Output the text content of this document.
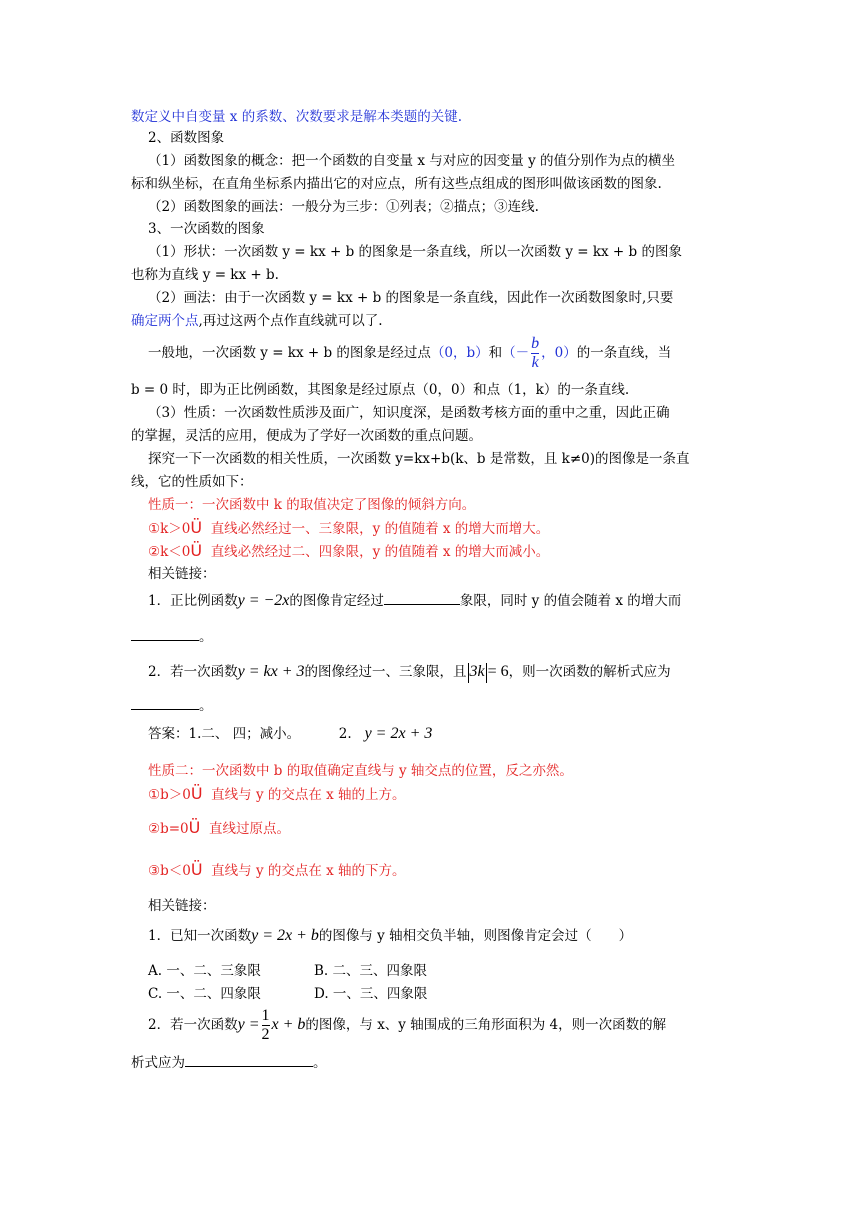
数定义中自变量 x 的系数、次数要求是解本类题的关键.
2、函数图象
（1）函数图象的概念：把一个函数的自变量 x 与对应的因变量 y 的值分别作为点的横坐
标和纵坐标，在直角坐标系内描出它的对应点，所有这些点组成的图形叫做该函数的图象.
（2）函数图象的画法：一般分为三步：①列表；②描点；③连线.
3、一次函数的图象
（1）形状：一次函数 y = kx + b 的图象是一条直线，所以一次函数 y = kx + b 的图象
也称为直线 y = kx + b.
（2）画法：由于一次函数 y = kx + b 的图象是一条直线，因此作一次函数图象时,只要
确定两个点,再过这两个点作直线就可以了.
一般地，一次函数 y = kx + b 的图象是经过点（0，b）和（－ $\frac{b}{k}$ ，0）的一条直线，当
b = 0 时，即为正比例函数，其图象是经过原点（0，0）和点（1，k）的一条直线.
（3）性质：一次函数性质涉及面广，知识度深，是函数考核方面的重中之重，因此正确
的掌握，灵活的应用，便成为了学好一次函数的重点问题。
探究一下一次函数的相关性质，一次函数 y=kx+b(k、b 是常数，且 k≠0)的图像是一条直
线，它的性质如下：
性质一：一次函数中 k 的取值决定了图像的倾斜方向。
①k＞0Ü 直线必然经过一、三象限，y 的值随着 x 的增大而增大。
②k＜0Ü 直线必然经过二、四象限，y 的值随着 x 的增大而减小。
相关链接：
1．正比例函数y = −2x的图像肯定经过	象限，同时 y 的值会随着 x 的增大而
。
2．若一次函数y = kx + 3的图像经过一、三象限，且 3k = 6，则一次函数的解析式应为
。
答案：1.二、 四；减小。	2. y = 2x + 3
性质二：一次函数中 b 的取值确定直线与 y 轴交点的位置，反之亦然。
①b＞0Ü 直线与 y 的交点在 x 轴的上方。
②b=0Ü 直线过原点。
③b＜0Ü 直线与 y 的交点在 x 轴的下方。
相关链接：
1．已知一次函数y = 2x + b的图像与 y 轴相交负半轴，则图像肯定会过（　　）
A. 一、二、三象限	B. 二、三、四象限
C. 一、二、四象限	D. 一、三、四象限
2．若一次函数$y = \frac{1}{2}$ x + b的图像，与 x、y 轴围成的三角形面积为 4，则一次函数的解
析式应为	。
